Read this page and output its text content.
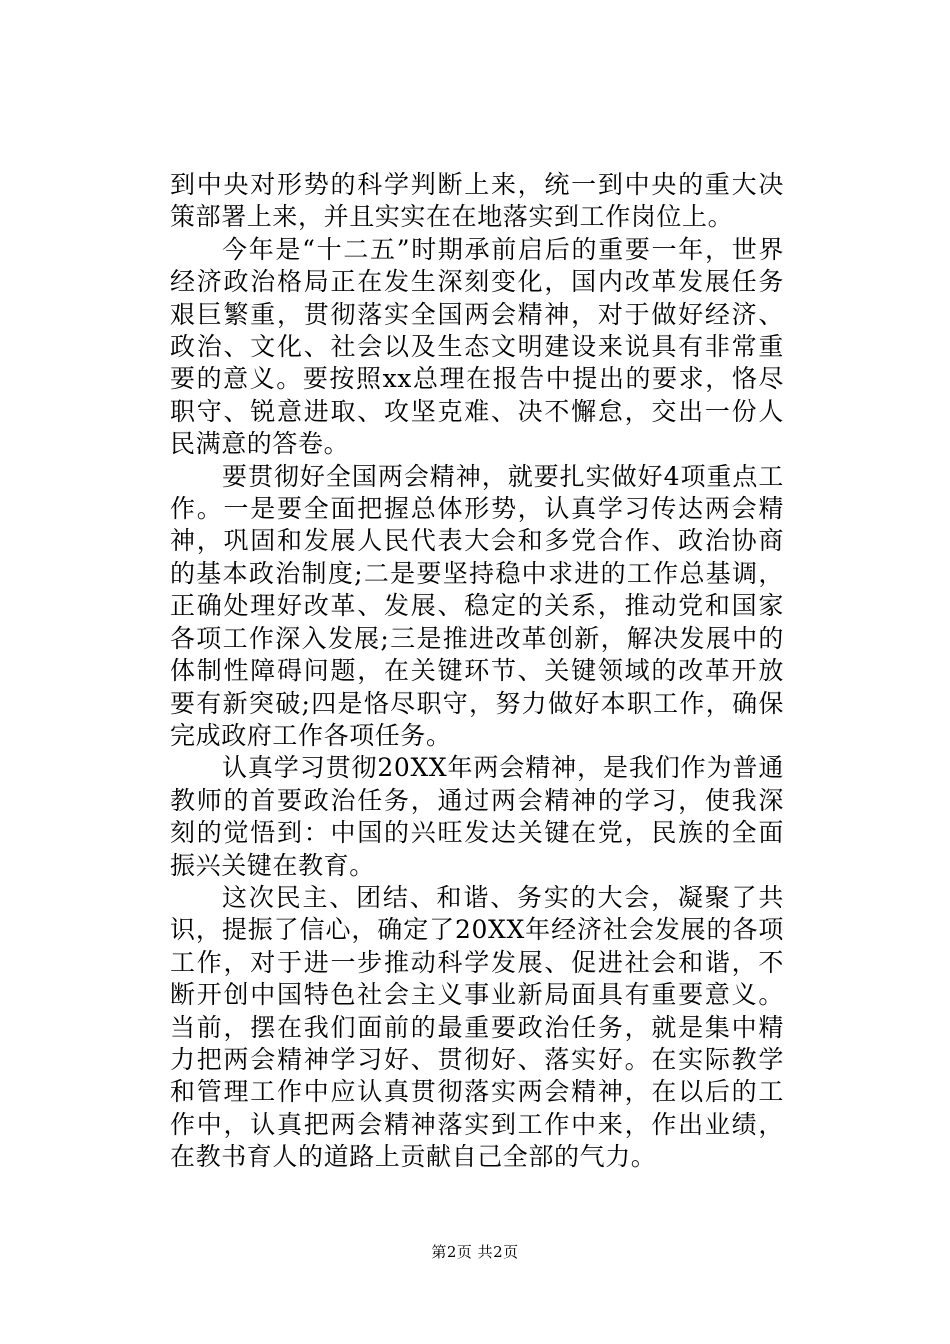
到中央对形势的科学判断上来，统一到中央的重大决策部署上来，并且实实在在地落实到工作岗位上。

今年是“十二五”时期承前启后的重要一年，世界经济政治格局正在发生深刻变化，国内改革发展任务艰巨繁重，贯彻落实全国两会精神，对于做好经济、政治、文化、社会以及生态文明建设来说具有非常重要的意义。要按照xx总理在报告中提出的要求，恪尽职守、锐意进取、攻坚克难、决不懈怠，交出一份人民满意的答卷。

要贯彻好全国两会精神，就要扎实做好4项重点工作。一是要全面把握总体形势，认真学习传达两会精神，巩固和发展人民代表大会和多党合作、政治协商的基本政治制度;二是要坚持稳中求进的工作总基调，正确处理好改革、发展、稳定的关系，推动党和国家各项工作深入发展;三是推进改革创新，解决发展中的体制性障碍问题，在关键环节、关键领域的改革开放要有新突破;四是恪尽职守，努力做好本职工作，确保完成政府工作各项任务。

认真学习贯彻20XX年两会精神，是我们作为普通教师的首要政治任务，通过两会精神的学习，使我深刻的觉悟到：中国的兴旺发达关键在党，民族的全面振兴关键在教育。

这次民主、团结、和谐、务实的大会，凝聚了共识，提振了信心，确定了20XX年经济社会发展的各项工作，对于进一步推动科学发展、促进社会和谐，不断开创中国特色社会主义事业新局面具有重要意义。当前，摆在我们面前的最重要政治任务，就是集中精力把两会精神学习好、贯彻好、落实好。在实际教学和管理工作中应认真贯彻落实两会精神，在以后的工作中，认真把两会精神落实到工作中来，作出业绩，在教书育人的道路上贡献自己全部的气力。

第2页 共2页
